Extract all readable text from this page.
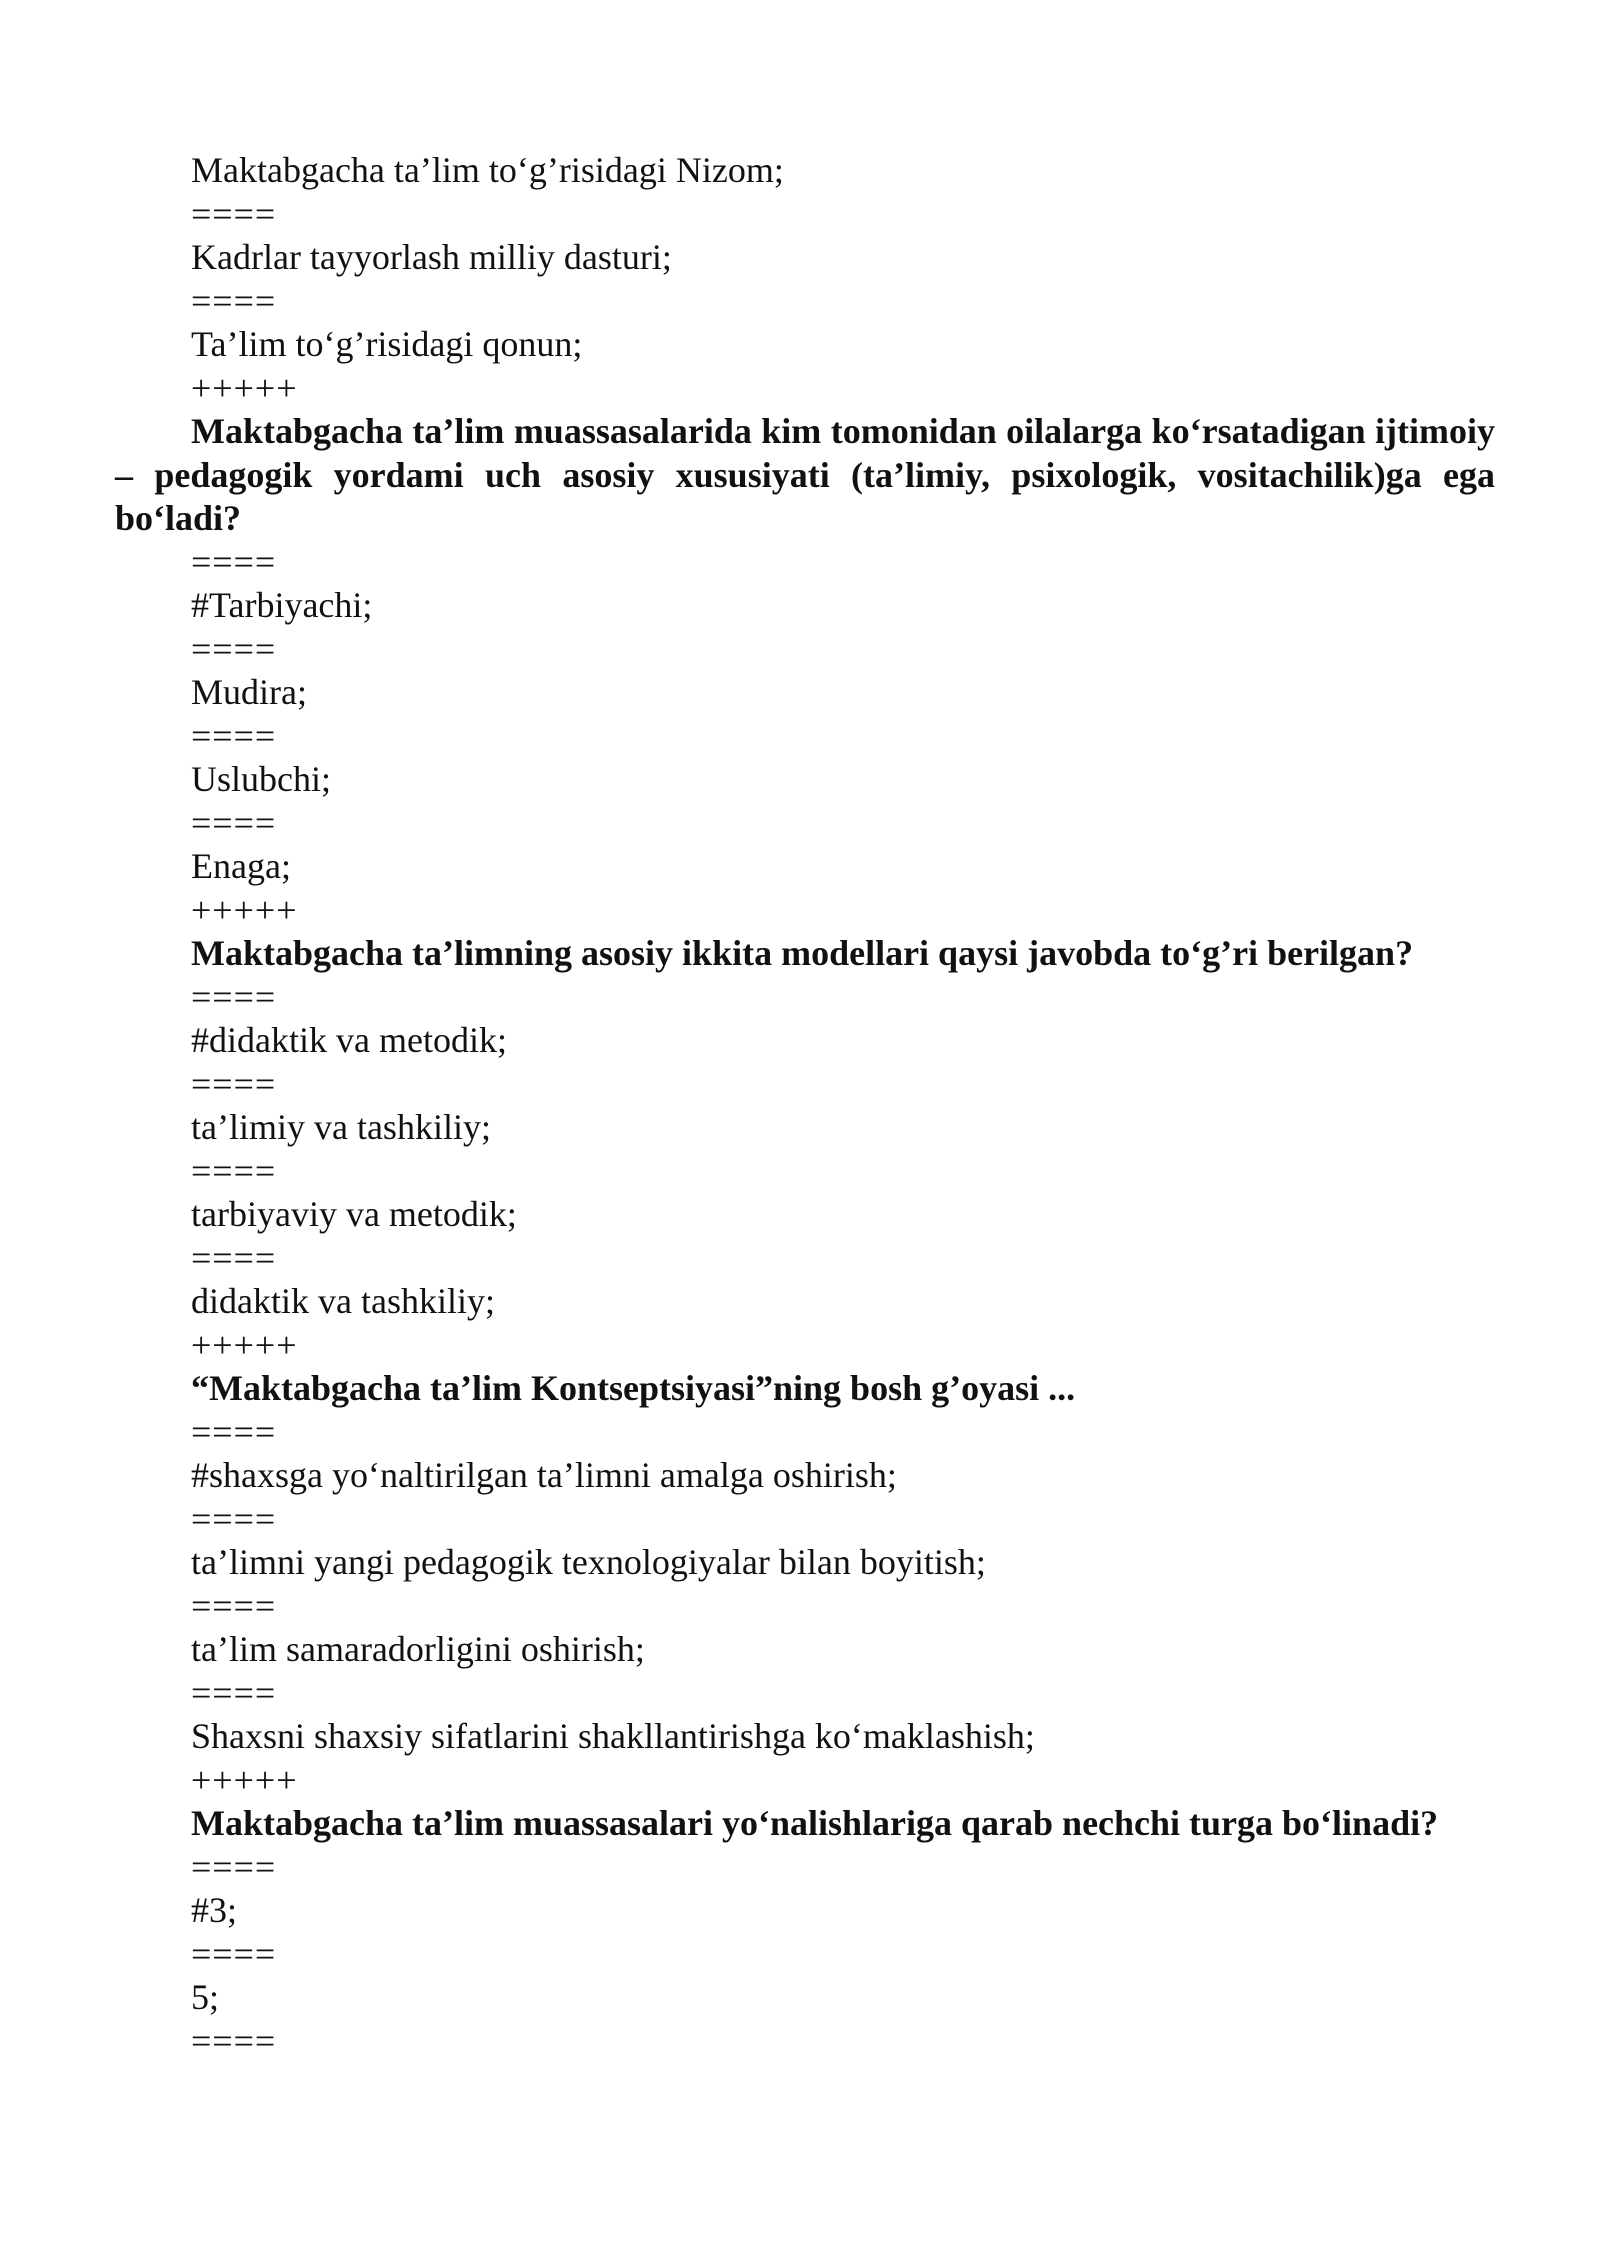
Maktabgacha ta’lim to‘g’risidagi Nizom;
====
Kadrlar tayyorlash milliy dasturi;
====
Ta’lim to‘g’risidagi qonun;
+++++
Maktabgacha ta’lim muassasalarida kim tomonidan oilalarga ko‘rsatadigan ijtimoiy – pedagogik yordami uch asosiy xususiyati (ta’limiy, psixologik, vositachilik)ga ega bo‘ladi?
====
#Tarbiyachi;
====
Mudira;
====
Uslubchi;
====
Enaga;
+++++
Maktabgacha ta’limning asosiy ikkita modellari qaysi javobda to‘g’ri berilgan?
====
#didaktik va metodik;
====
ta’limiy va tashkiliy;
====
tarbiyaviy va metodik;
====
didaktik va tashkiliy;
+++++
“Maktabgacha ta’lim Kontseptsiyasi”ning bosh g’oyasi ...
====
#shaxsga yo‘naltirilgan ta’limni amalga oshirish;
====
ta’limni yangi pedagogik texnologiyalar bilan boyitish;
====
ta’lim samaradorligini oshirish;
====
Shaxsni shaxsiy sifatlarini shakllantirishga ko‘maklashish;
+++++
Maktabgacha ta’lim muassasalari yo‘nalishlariga qarab nechchi turga bo‘linadi?
====
#3;
====
5;
====
